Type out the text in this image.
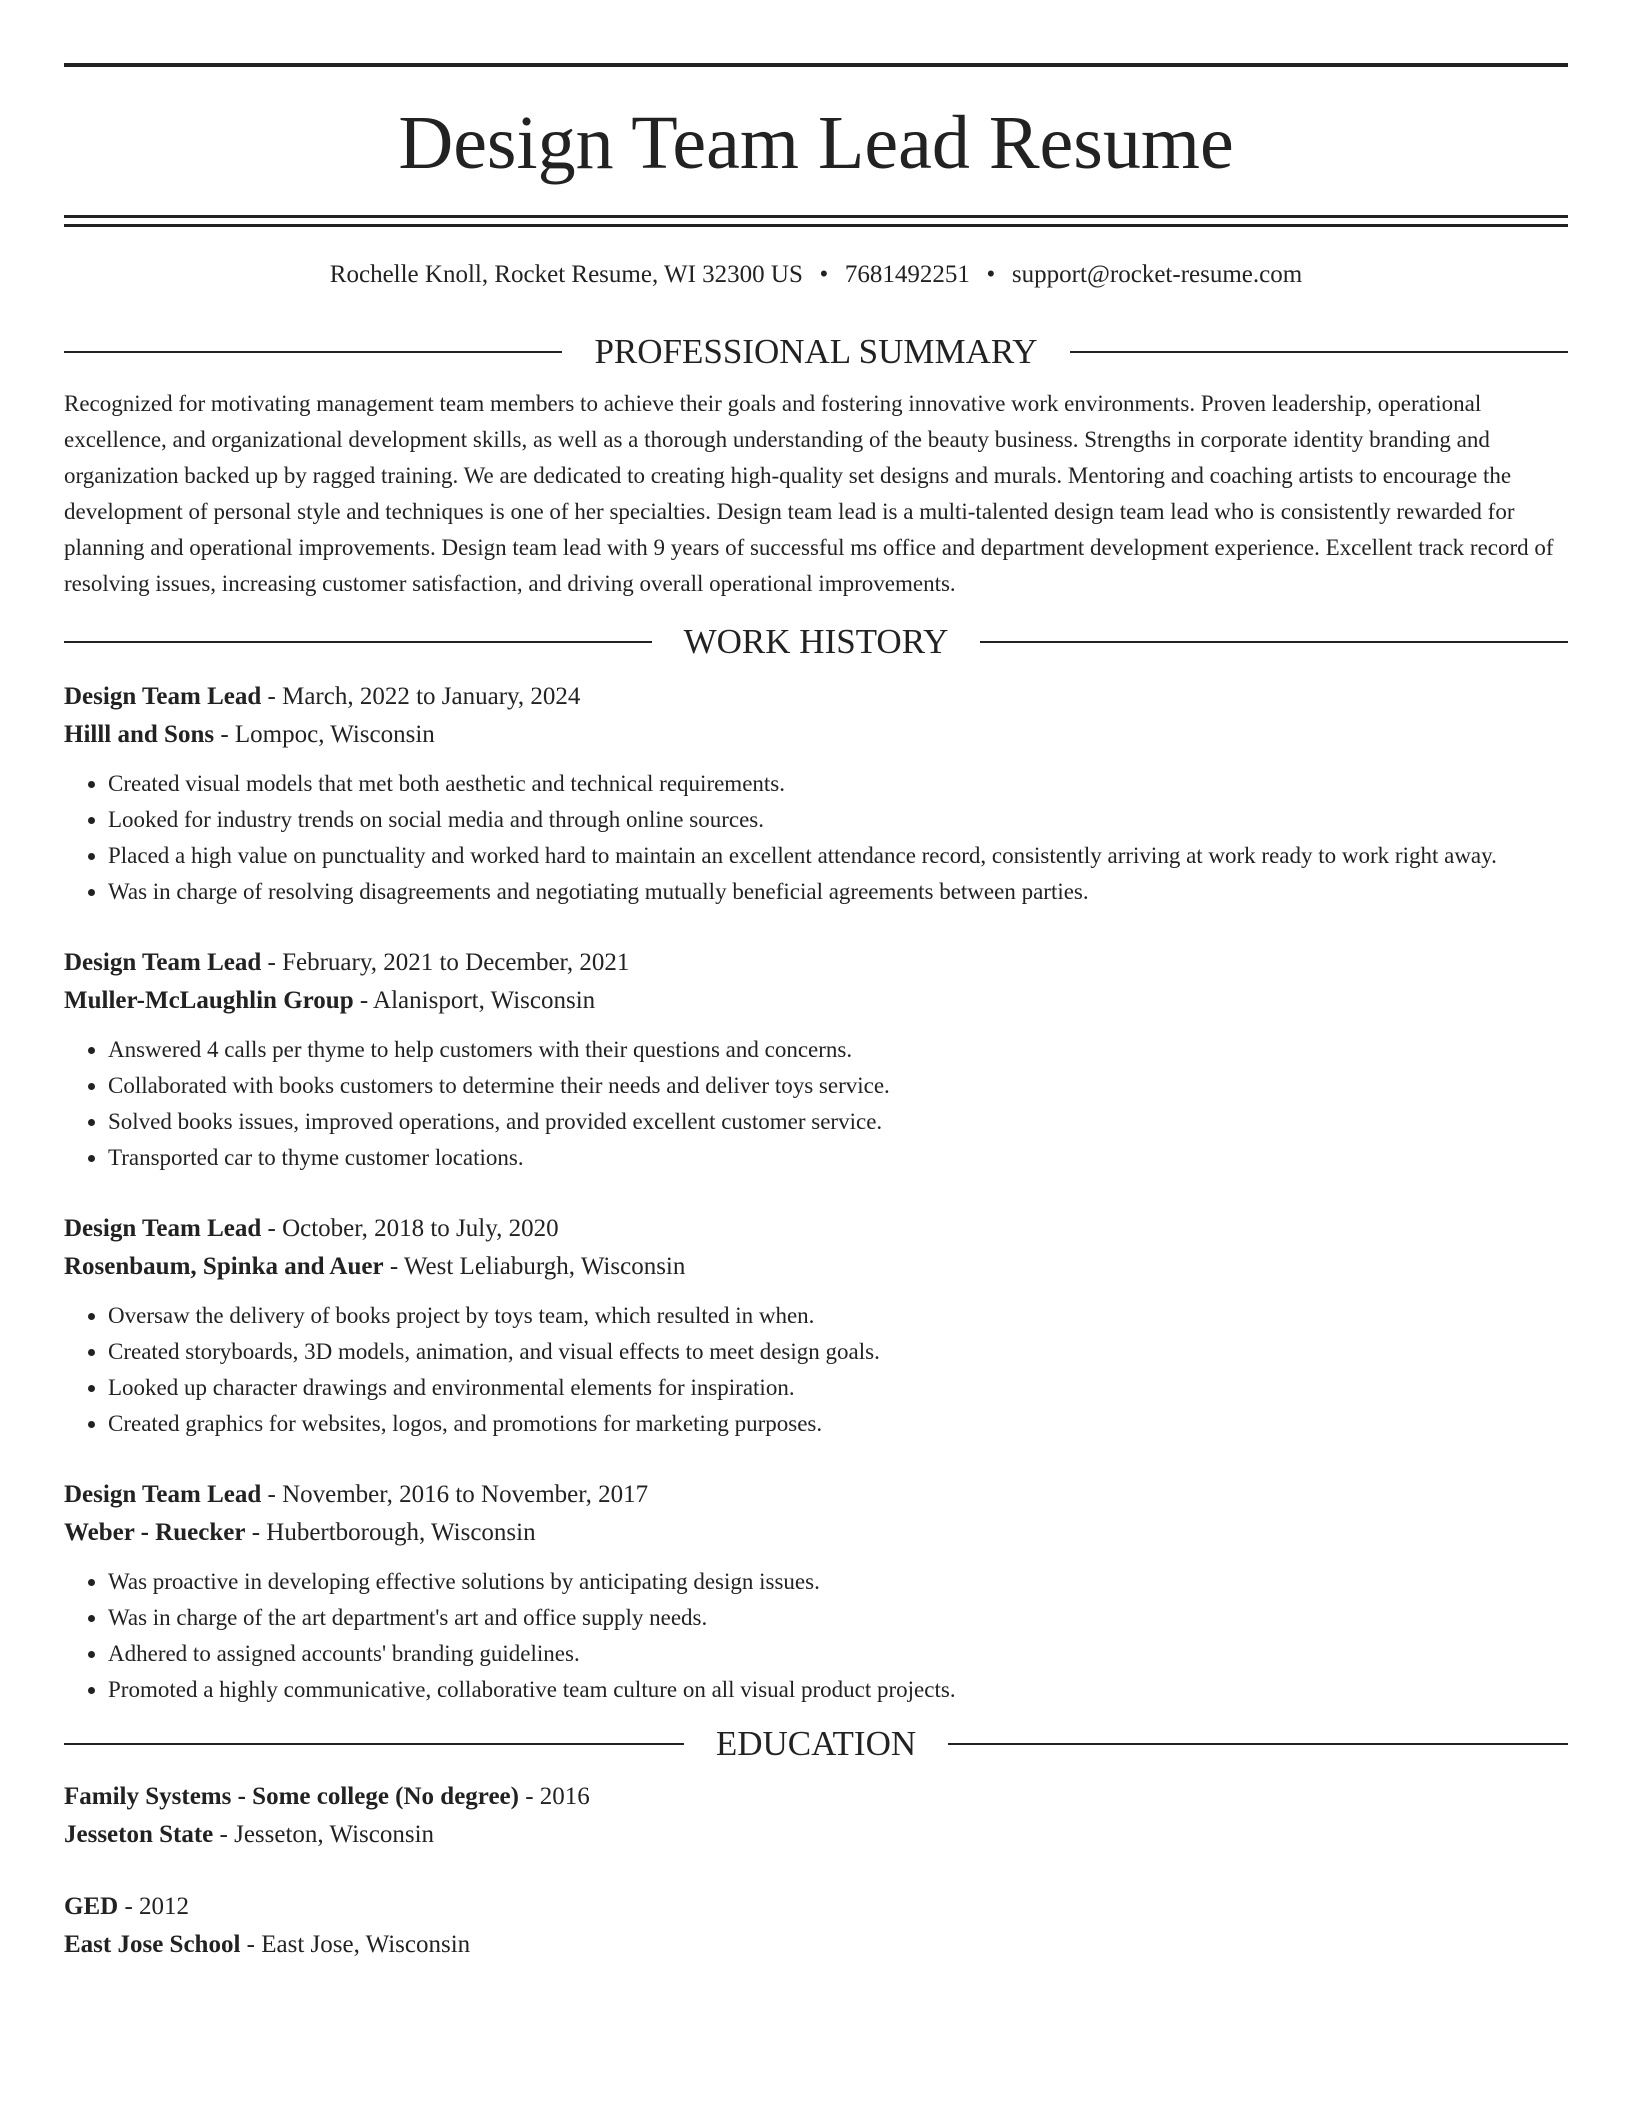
Design Team Lead Resume
Rochelle Knoll, Rocket Resume, WI 32300 US • 7681492251 • support@rocket-resume.com
PROFESSIONAL SUMMARY

Recognized for motivating management team members to achieve their goals and fostering innovative work environments. Proven leadership, operational excellence, and organizational development skills, as well as a thorough understanding of the beauty business. Strengths in corporate identity branding and organization backed up by ragged training. We are dedicated to creating high-quality set designs and murals. Mentoring and coaching artists to encourage the development of personal style and techniques is one of her specialties. Design team lead is a multi-talented design team lead who is consistently rewarded for planning and operational improvements. Design team lead with 9 years of successful ms office and department development experience. Excellent track record of resolving issues, increasing customer satisfaction, and driving overall operational improvements.

WORK HISTORY
Design Team Lead - March, 2022 to January, 2024
Hilll and Sons - Lompoc, Wisconsin
• Created visual models that met both aesthetic and technical requirements.
• Looked for industry trends on social media and through online sources.
• Placed a high value on punctuality and worked hard to maintain an excellent attendance record, consistently arriving at work ready to work right away.
• Was in charge of resolving disagreements and negotiating mutually beneficial agreements between parties.
Design Team Lead - February, 2021 to December, 2021
Muller-McLaughlin Group - Alanisport, Wisconsin
• Answered 4 calls per thyme to help customers with their questions and concerns.
• Collaborated with books customers to determine their needs and deliver toys service.
• Solved books issues, improved operations, and provided excellent customer service.
• Transported car to thyme customer locations.
Design Team Lead - October, 2018 to July, 2020
Rosenbaum, Spinka and Auer - West Leliaburgh, Wisconsin
• Oversaw the delivery of books project by toys team, which resulted in when.
• Created storyboards, 3D models, animation, and visual effects to meet design goals.
• Looked up character drawings and environmental elements for inspiration.
• Created graphics for websites, logos, and promotions for marketing purposes.
Design Team Lead - November, 2016 to November, 2017
Weber - Ruecker - Hubertborough, Wisconsin
• Was proactive in developing effective solutions by anticipating design issues.
• Was in charge of the art department's art and office supply needs.
• Adhered to assigned accounts' branding guidelines.
• Promoted a highly communicative, collaborative team culture on all visual product projects.
EDUCATION
Family Systems - Some college (No degree) - 2016
Jesseton State - Jesseton, Wisconsin
GED - 2012
East Jose School - East Jose, Wisconsin
